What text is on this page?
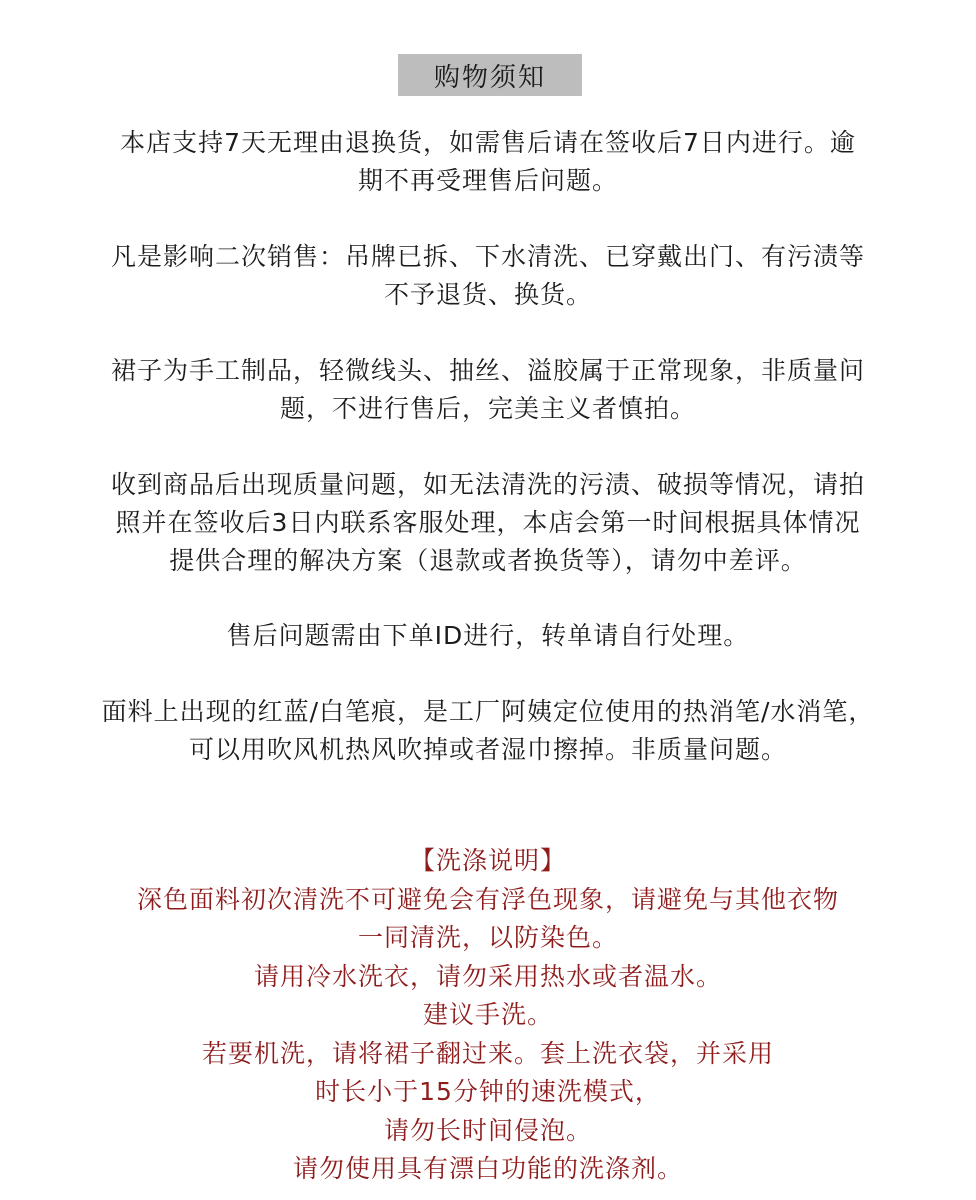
购物须知
本店支持7天无理由退换货，如需售后请在签收后7日内进行。逾
期不再受理售后问题。
凡是影响二次销售：吊牌已拆、下水清洗、已穿戴出门、有污渍等
不予退货、换货。
裙子为手工制品，轻微线头、抽丝、溢胶属于正常现象，非质量问
题，不进行售后，完美主义者慎拍。
收到商品后出现质量问题，如无法清洗的污渍、破损等情况，请拍
照并在签收后3日内联系客服处理，本店会第一时间根据具体情况
提供合理的解决方案（退款或者换货等），请勿中差评。
售后问题需由下单ID进行，转单请自行处理。
面料上出现的红蓝/白笔痕，是工厂阿姨定位使用的热消笔/水消笔，
可以用吹风机热风吹掉或者湿巾擦掉。非质量问题。
【洗涤说明】
深色面料初次清洗不可避免会有浮色现象，请避免与其他衣物
一同清洗，以防染色。
请用冷水洗衣，请勿采用热水或者温水。
建议手洗。
若要机洗，请将裙子翻过来。套上洗衣袋，并采用
时长小于15分钟的速洗模式，
请勿长时间侵泡。
请勿使用具有漂白功能的洗涤剂。
